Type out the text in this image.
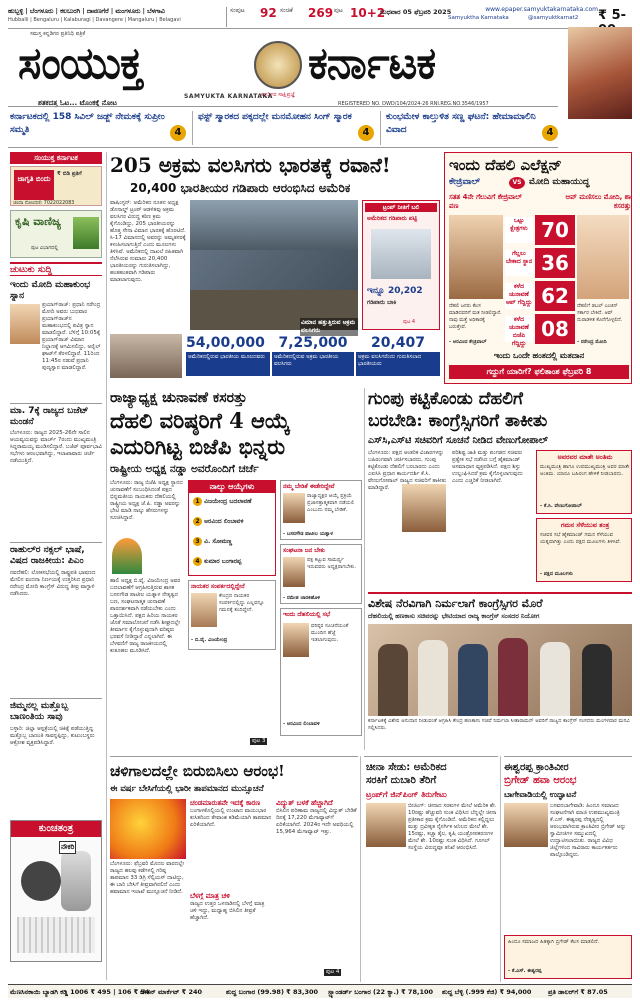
ಹುಬ್ಬಳ್ಳಿ | ಬೆಂಗಳೂರು | ಕಲಬುರಗಿ | ದಾವಣಗೆರೆ | ಮಂಗಳೂರು | ಬೆಳಗಾವಿ
Hubballi | Bengaluru | Kalaburagi | Davangere | Mangaluru | Belagavi
ಸಂಪುಟ 92 ಸಂಚಿಕೆ 269 ಪುಟ 10+2
ಬುಧವಾರ 05 ಫೆಬ್ರವರಿ 2025	www.epaper.samyuktakarnataka.com
Samyuktha Karnataka	@samyuktkarnat2 ₹ 5-
ಸಮಸ್ತ ಕನ್ನಡಿಗರ ಪ್ರತಿನಿಧಿ ಪತ್ರಿಕೆ
ಸಂಯುಕ್ತ
ಕನ್ನಡಿಗರ ಸಾಕ್ಷಿಪ್ರಜ್ಞೆ
ಕರ್ನಾಟಕ
SAMYUKTA KARNATAKA
ಶತಕದತ್ತ ಓಟ... ಟೊಂಕಕ್ಕೆ ನೋಟ	REGISTERED NO. DWD/104/2024-26 RNI.REG.NO.3546/1957
ಕರ್ನಾಟಕದಲ್ಲಿ 158 ಸಿವಿಲ್ ಜಡ್ಜ್ ನೇಮಕಕ್ಕೆ ಸುಪ್ರೀಂ ಸಮ್ಮತಿ	4
ಫಸ್ಟ್ ಸ್ಮಾರಕದ ಪಕ್ಕದಲ್ಲೇ ಮನಮೋಹನ ಸಿಂಗ್ ಸ್ಮಾರಕ
4
ಕುಂಭಮೇಳ ಕಾಲ್ತುಳಿತ ಸಣ್ಣ ಘಟನೆ: ಹೇಮಾಮಾಲಿನಿ ವಿವಾದ	4
ಸಂಯುಕ್ತ ಕರ್ನಾಟಕ
ಜಾಗೃತಿ ಬಿಂದು
₹ ಬಿಡಿ ಪ್ರತಿಗೆ
ಚಂದಾ ನೋಂದಣಿ: 7022022083
ಕೃಷಿ ವಾಣಿಜ್ಯ
ಪುಟ ವಿಭಾಗದಲ್ಲಿ
ಚುಟುಕು ಸುದ್ದಿ
ಇಂದು ಮೋದಿ ಮಹಾಕುಂಭ ಸ್ನಾನ
ಪ್ರಯಾಗ್‌ರಾಜ್: ಪ್ರಧಾನಿ ನರೇಂದ್ರ ಮೋದಿ ಅವರು ಬುಧವಾರ ಪ್ರಯಾಗ್‌ರಾಜ್‌ನ ಮಹಾಕುಂಭದಲ್ಲಿ ಪವಿತ್ರ ಸ್ನಾನ ಮಾಡಲಿದ್ದಾರೆ. ಬೆಳಿಗ್ಗೆ 10:05ಕ್ಕೆ ಪ್ರಯಾಗ್‌ರಾಜ್ ವಿಮಾನ ನಿಲ್ದಾಣಕ್ಕೆ ಆಗಮಿಸಲಿದ್ದು, ಅರೈಲ್ ಘಾಟ್‌ಗೆ ತೆರಳಲಿದ್ದಾರೆ. 11ರಿಂದ 11:45ರ ನಡುವೆ ಪ್ರಧಾನಿ ಪುಣ್ಯಸ್ನಾನ ಮಾಡಲಿದ್ದಾರೆ.
ಮಾ. 7ಕ್ಕೆ ರಾಜ್ಯದ ಬಜೆಟ್ ಮಂಡನೆ
ಬೆಂಗಳೂರು: ರಾಜ್ಯದ 2025-26ನೇ ಸಾಲಿನ ಆಯವ್ಯಯವನ್ನು ಮಾರ್ಚ್ 7ರಂದು ಮುಖ್ಯಮಂತ್ರಿ ಸಿದ್ದರಾಮಯ್ಯ ಮಂಡಿಸಲಿದ್ದಾರೆ. ಬಜೆಟ್ ಪೂರ್ವಭಾವಿ ಸಭೆಗಳು ಆರಂಭವಾಗಿದ್ದು, ಇಲಾಖಾವಾರು ಚರ್ಚೆ ನಡೆಯುತ್ತಿದೆ.
ರಾಹುಲ್‌ರ ನಕ್ಸಲ್ ಭಾಷೆ, ವಿಷದ ರಾಜಕೀಯ: ಪಿಎಂ
ನವದೆಹಲಿ: ಲೋಕಸಭೆಯಲ್ಲಿ ರಾಷ್ಟ್ರಪತಿ ಭಾಷಣದ ಮೇಲಿನ ವಂದನಾ ನಿರ್ಣಯಕ್ಕೆ ಉತ್ತರಿಸಿದ ಪ್ರಧಾನಿ ನರೇಂದ್ರ ಮೋದಿ ಕಾಂಗ್ರೆಸ್ ವಿರುದ್ಧ ತೀವ್ರ ವಾಗ್ದಾಳಿ ನಡೆಸಿದರು.
ಜಿಮ್ಮನಲ್ಲ ಮತ್ತೊಬ್ಬ ಬಾಣಂತಿಯ ಸಾವು
ಬಳ್ಳಾರಿ: ಜಿಲ್ಲಾ ಆಸ್ಪತ್ರೆಯಲ್ಲಿ ಚಿಕಿತ್ಸೆ ಪಡೆಯುತ್ತಿದ್ದ ಮತ್ತೊಬ್ಬ ಬಾಣಂತಿ ಸಾವನ್ನಪ್ಪಿದ್ದು, ಕುಟುಂಬಸ್ಥರು ಆಕ್ರೋಶ ವ್ಯಕ್ತಪಡಿಸಿದ್ದಾರೆ.
ಕುಂಚತಂತ್ರ
ನೌಕರಿ
205 ಅಕ್ರಮ ವಲಸಿಗರು ಭಾರತಕ್ಕೆ ರವಾನೆ!
20,400 ಭಾರತೀಯರ ಗಡಿಪಾರು ಆರಂಭಿಸಿದ ಅಮೆರಿಕ
ವಾಷಿಂಗ್ಟನ್: ಅಮೆರಿಕದ ನೂತನ ಅಧ್ಯಕ್ಷ ಡೊನಾಲ್ಡ್ ಟ್ರಂಪ್ ಆಡಳಿತವು ಅಕ್ರಮ ವಲಸಿಗರ ವಿರುದ್ಧ ಕಠಿಣ ಕ್ರಮ ಕೈಗೊಂಡಿದ್ದು, 205 ಭಾರತೀಯರನ್ನು ಹೊತ್ತ ಸೇನಾ ವಿಮಾನ ಭಾರತಕ್ಕೆ ಹೊರಟಿದೆ. ಸಿ-17 ವಿಮಾನದಲ್ಲಿ ಅವರನ್ನು ಅಮೃತಸರಕ್ಕೆ ಕಳುಹಿಸಲಾಗುತ್ತಿದೆ ಎಂದು ಮೂಲಗಳು ತಿಳಿಸಿವೆ. ಅಮೆರಿಕದಲ್ಲಿ ದಾಖಲೆ ರಹಿತವಾಗಿ ನೆಲೆಸಿರುವ ಸುಮಾರು 20,400 ಭಾರತೀಯರನ್ನು ಗುರುತಿಸಲಾಗಿದ್ದು, ಹಂತಹಂತವಾಗಿ ಗಡಿಪಾರು ಮಾಡಲಾಗುವುದು.
ವಿಮಾನ ಹತ್ತುತ್ತಿರುವ ಅಕ್ರಮ ವಲಸಿಗರು
ಟ್ರಂಪ್ ನೀತಿಗೆ ಬಲಿ
ಅಮೆರಿಕದ ಗಡಿಪಾರು ಪಟ್ಟಿ
ಇನ್ನೂ 20,202
ಗಡಿಪಾರು ಬಾಕಿ
ಪುಟ 4
54,00,000
ಅಮೆರಿಕದಲ್ಲಿರುವ ಭಾರತೀಯ ಮೂಲದವರು
7,25,000
ಅಮೆರಿಕದಲ್ಲಿರುವ ಅಕ್ರಮ ಭಾರತೀಯ ವಲಸಿಗರು
20,407
ಅಕ್ರಮ ವಲಸಿಗರೆಂದು ಗುರುತಿಸಲಾದ ಭಾರತೀಯರು
ಇಂದು ದೆಹಲಿ ಎಲೆಕ್ಷನ್
ಕೇಜ್ರಿವಾಲ್	VS ಮೋದಿ ಮಹಾಯುದ್ಧ
ಸತತ 4ನೇ ಗೆಲುವಿಗೆ ಕೇಜ್ರಿವಾಲ್ ಪಣ
ಆಪ್ ಮಣಿಸಲು ಮೋದಿ, ಶಾ ಕಸರತ್ತು
ಒಟ್ಟು ಕ್ಷೇತ್ರಗಳು 70
ಗೆಲ್ಲಲು ಬೇಕಾದ ಸ್ಥಾನ 36
ಕಳೆದ ಚುನಾವಣೆ ಆಪ್ ಗೆದ್ದಿದ್ದು 62
ಕಳೆದ ಚುನಾವಣೆ ಬಿಜೆಪಿ ಗೆದ್ದಿದ್ದು
08
ದೆಹಲಿ ಜನರು ಕೆಲಸ ಮಾಡಿದವರಿಗೆ ಮತ ನೀಡಲಿದ್ದಾರೆ. ನಾವು ಮತ್ತೆ ಅಧಿಕಾರಕ್ಕೆ ಬರುತ್ತೇವೆ.
- ಅರವಿಂದ ಕೇಜ್ರಿವಾಲ್
ದೆಹಲಿಗೆ ಡಬಲ್ ಎಂಜಿನ್ ಸರ್ಕಾರ ಬೇಕಿದೆ. ಆಪ್ ದುರಾಡಳಿತ ಕೊನೆಗೊಳ್ಳಲಿದೆ.
- ನರೇಂದ್ರ ಮೋದಿ
ಇಂದು ಒಂದೇ ಹಂತದಲ್ಲಿ ಮತದಾನ
ಗದ್ದುಗೆ ಯಾರಿಗೆ? ಫಲಿತಾಂಶ ಫೆಬ್ರವರಿ 8
ರಾಜ್ಯಾಧ್ಯಕ್ಷ ಚುನಾವಣೆ ಕಸರತ್ತು
ದೆಹಲಿ ವರಿಷ್ಠರಿಗೆ 4 ಆಯ್ಕೆ
ಎದುರಿಗಿಟ್ಟ ಬಿಜೆಪಿ ಭಿನ್ನರು
ರಾಷ್ಟ್ರೀಯ ಅಧ್ಯಕ್ಷ ನಡ್ಡಾ ಅವರೊಂದಿಗೆ ಚರ್ಚೆ
ಬೆಂಗಳೂರು: ರಾಜ್ಯ ಬಿಜೆಪಿ ಅಧ್ಯಕ್ಷ ಸ್ಥಾನದ ಚುನಾವಣೆಗೆ ಸಂಬಂಧಿಸಿದಂತೆ ಪಕ್ಷದ ಭಿನ್ನಮತೀಯ ನಾಯಕರು ದೆಹಲಿಯಲ್ಲಿ ರಾಷ್ಟ್ರೀಯ ಅಧ್ಯಕ್ಷ ಜೆ.ಪಿ. ನಡ್ಡಾ ಅವರನ್ನು ಭೇಟಿ ಮಾಡಿ ನಾಲ್ಕು ಹೆಸರುಗಳನ್ನು ಸೂಚಿಸಿದ್ದಾರೆ.
ಹಾಲಿ ಅಧ್ಯಕ್ಷ ಬಿ.ವೈ. ವಿಜಯೇಂದ್ರ ಅವರ ಬದಲಾವಣೆಗೆ ಆಗ್ರಹಿಸುತ್ತಿರುವ ಶಾಸಕ ಬಸನಗೌಡ ಪಾಟೀಲ ಯತ್ನಾಳ ನೇತೃತ್ವದ ಬಣ, ಸಂಘಟನಾತ್ಮಕ ಚುನಾವಣೆ ಪಾರದರ್ಶಕವಾಗಿ ನಡೆಯಬೇಕು ಎಂದು ಒತ್ತಾಯಿಸಿದೆ. ಪಕ್ಷದ ಹಿರಿಯ ನಾಯಕರ ಜೊತೆ ಸಮಾಲೋಚನೆ ನಡೆಸಿ ಶೀಘ್ರದಲ್ಲೇ ತೀರ್ಮಾನ ಕೈಗೊಳ್ಳುವುದಾಗಿ ವರಿಷ್ಠರು ಭರವಸೆ ನೀಡಿದ್ದಾರೆ ಎನ್ನಲಾಗಿದೆ. ಈ ಬೆಳವಣಿಗೆ ರಾಜ್ಯ ರಾಜಕೀಯದಲ್ಲಿ ಕುತೂಹಲ ಮೂಡಿಸಿದೆ.
ನಾಲ್ಕು ಆಯ್ಕೆಗಳು
1 ವಿಜಯೇಂದ್ರ ಬದಲಾವಣೆ
2 ಅರವಿಂದ ಲಿಂಬಾವಳಿ
3 ವಿ. ಸೋಮಣ್ಣ
4 ಕುಮಾರ ಬಂಗಾರಪ್ಪ
ನಾಯಕರ ಸಂಪರ್ಕದಲ್ಲಿದ್ದೇನೆ
ಕೇಂದ್ರದ ನಾಯಕರ ಸಂಪರ್ಕದಲ್ಲಿದ್ದು ಎಲ್ಲವನ್ನೂ ಗಮನಕ್ಕೆ ತಂದಿದ್ದೇನೆ.
- ಬಿ.ವೈ. ವಿಜಯೇಂದ್ರ
ಪುಟ 3
ನಮ್ಮ ಬೇಡಿಕೆ ಈಡೇರಿದ್ದೇವೆ
ರಾಜ್ಯಾಧ್ಯಕ್ಷರ ಆಯ್ಕೆ ಪ್ರಕ್ರಿಯೆ ಪ್ರಜಾಸತ್ತಾತ್ಮಕವಾಗಿ ನಡೆಯಲಿ ಎಂಬುದು ನಮ್ಮ ಬೇಡಿಕೆ.
- ಬಸನಗೌಡ ಪಾಟೀಲ ಯತ್ನಾಳ
ಸಂಘಟನಾ ಜನ ಬೇಕು
ಪಕ್ಷ ಕಟ್ಟುವ ಸಾಮರ್ಥ್ಯ ಇರುವವರು ಅಧ್ಯಕ್ಷರಾಗಬೇಕು.
- ರಮೇಶ ಜಾರಕಿಹೊಳಿ
ಇಂದು ದೆಹಲಿಯಲ್ಲಿ ಸಭೆ
ವರಿಷ್ಠರ ಸೂಚನೆಯಂತೆ ಮುಂದಿನ ಹೆಜ್ಜೆ ಇಡಲಾಗುವುದು.
- ಅರವಿಂದ ಲಿಂಬಾವಳಿ
ಗುಂಪು ಕಟ್ಟಿಕೊಂಡು ದೆಹಲಿಗೆ
ಬರಬೇಡಿ: ಕಾಂಗ್ರೆಸ್ಸಿಗರಿಗೆ ತಾಕೀತು
ಎಸ್‌ಸಿ,ಎಸ್‌ಟಿ ಸಚಿವರಿಗೆ ಸೂಚನೆ ನೀಡಿದ ವೇಣುಗೋಪಾಲ್
ಬೆಂಗಳೂರು: ಪಕ್ಷದ ಆಂತರಿಕ ವಿಚಾರಗಳನ್ನು ಬಹಿರಂಗವಾಗಿ ಚರ್ಚಿಸಬಾರದು, ಗುಂಪು ಕಟ್ಟಿಕೊಂಡು ದೆಹಲಿಗೆ ಬರಬಾರದು ಎಂದು ಎಐಸಿಸಿ ಪ್ರಧಾನ ಕಾರ್ಯದರ್ಶಿ ಕೆ.ಸಿ. ವೇಣುಗೋಪಾಲ್ ರಾಜ್ಯದ ಸಚಿವರಿಗೆ ತಾಕೀತು ಮಾಡಿದ್ದಾರೆ.
ಪರಿಶಿಷ್ಟ ಜಾತಿ ಮತ್ತು ಪಂಗಡದ ಸಚಿವರು ಪ್ರತ್ಯೇಕ ಸಭೆ ನಡೆಸಿದ ಬಗ್ಗೆ ಹೈಕಮಾಂಡ್ ಅಸಮಾಧಾನ ವ್ಯಕ್ತಪಡಿಸಿದೆ. ಪಕ್ಷದ ಶಿಸ್ತು ಉಲ್ಲಂಘಿಸಿದರೆ ಕ್ರಮ ಕೈಗೊಳ್ಳಲಾಗುವುದು ಎಂದು ಎಚ್ಚರಿಕೆ ನೀಡಲಾಗಿದೆ.
ಅವರವರ ಮಾತೇ ಅಂತಿಮ
ಮುಖ್ಯಮಂತ್ರಿ ಹಾಗೂ ಉಪಮುಖ್ಯಮಂತ್ರಿ ಅವರ ಮಾತೇ ಅಂತಿಮ. ಯಾರೂ ಬಹಿರಂಗ ಹೇಳಿಕೆ ನೀಡಬಾರದು.
- ಕೆ.ಸಿ. ವೇಣುಗೋಪಾಲ್
ಗಮನ ಸೆಳೆಯುವ ತಂತ್ರ
ಸಚಿವರ ಸಭೆ ಹೈಕಮಾಂಡ್ ಗಮನ ಸೆಳೆಯುವ ಯತ್ನವಾಗಿತ್ತು ಎಂದು ಪಕ್ಷದ ಮೂಲಗಳು ತಿಳಿಸಿವೆ.
- ಪಕ್ಷದ ಮೂಲಗಳು
ವಿಶೇಷ ನೆರವಿಗಾಗಿ ನಿರ್ಮಲಾಗೆ ಕಾಂಗ್ರೆಸ್ಸಿಗರ ಮೊರೆ
ದೆಹಲಿಯಲ್ಲಿ ಹಣಕಾಸು ಸಚಿವರನ್ನು ಭೇಟಿಯಾದ ರಾಜ್ಯ ಕಾಂಗ್ರೆಸ್ ಸಂಸದರ ನಿಯೋಗ
ಕರ್ನಾಟಕಕ್ಕೆ ವಿಶೇಷ ಅನುದಾನ ನೀಡುವಂತೆ ಆಗ್ರಹಿಸಿ ಕೇಂದ್ರ ಹಣಕಾಸು ಸಚಿವೆ ನಿರ್ಮಲಾ ಸೀತಾರಾಮನ್ ಅವರಿಗೆ ರಾಜ್ಯದ ಕಾಂಗ್ರೆಸ್ ಸಂಸದರು ಮಂಗಳವಾರ ಮನವಿ ಸಲ್ಲಿಸಿದರು.
ಚಳಿಗಾಲದಲ್ಲೇ ಬಿರುಬಿಸಿಲು ಆರಂಭ!
ಈ ವರ್ಷ ಬೇಸಿಗೆಯಲ್ಲಿ ಭಾರೀ ತಾಪಮಾನದ ಮುನ್ಸೂಚನೆ
ಬೆಂಗಳೂರು: ಫೆಬ್ರವರಿ ಮೊದಲ ವಾರದಲ್ಲೇ ರಾಜ್ಯದ ಹಲವು ಕಡೆಗಳಲ್ಲಿ ಗರಿಷ್ಠ ತಾಪಮಾನ 33 ಡಿಗ್ರಿ ಸೆಲ್ಸಿಯಸ್ ದಾಟಿದ್ದು, ಈ ಬಾರಿ ಬೇಸಿಗೆ ತೀವ್ರವಾಗಿರಲಿದೆ ಎಂದು ಹವಾಮಾನ ಇಲಾಖೆ ಮುನ್ಸೂಚನೆ ನೀಡಿದೆ.
ಚಂಡಮಾರುತವೇ ಇದಕ್ಕೆ ಕಾರಣ
ಬಂಗಾಳಕೊಲ್ಲಿಯಲ್ಲಿ ಉಂಟಾದ ವಾಯುಭಾರ ಕುಸಿತದಿಂದ ತೇವಾಂಶ ಕಡಿಮೆಯಾಗಿ ತಾಪಮಾನ ಏರಿಕೆಯಾಗಿದೆ.
ಬೆಳಗ್ಗೆ ಮಾತ್ರ ಚಳಿ
ರಾಜ್ಯದ ಉತ್ತರ ಒಳನಾಡಿನಲ್ಲಿ ಬೆಳಗ್ಗೆ ಮಾತ್ರ ಚಳಿ ಇದ್ದು, ಮಧ್ಯಾಹ್ನ ಬಿಸಿಲಿನ ತೀವ್ರತೆ ಹೆಚ್ಚಾಗಿದೆ.
ವಿದ್ಯುತ್ ಬಳಕೆ ಹೆಚ್ಚಾಗಿದೆ
ಬಿಸಿಲಿನ ಪರಿಣಾಮ ರಾಜ್ಯದಲ್ಲಿ ವಿದ್ಯುತ್ ಬೇಡಿಕೆ ದಿನಕ್ಕೆ 17,220 ಮೆಗಾವ್ಯಾಟ್‌ಗೆ ಏರಿಕೆಯಾಗಿದೆ. 2024ರ ಇದೇ ಅವಧಿಯಲ್ಲಿ 15,964 ಮೆಗಾವ್ಯಾಟ್ ಇತ್ತು.
ಪುಟ 4
ಚೀನಾ ಸೇಡು: ಅಮೆರಿಕದ
ಸರಕಿಗೆ ದುಬಾರಿ ತೆರಿಗೆ
ಟ್ರಂಪ್‌ಗೆ ಜಿನ್‌ಪಿಂಗ್ ತಿರುಗೇಟು
ಬೀಜಿಂಗ್: ಚೀನಾದ ಸರಕುಗಳ ಮೇಲೆ ಅಮೆರಿಕ ಶೇ. 10ರಷ್ಟು ಹೆಚ್ಚುವರಿ ಸುಂಕ ವಿಧಿಸಿದ ಬೆನ್ನಲ್ಲೇ ಚೀನಾ ಪ್ರತೀಕಾರ ಕ್ರಮ ಕೈಗೊಂಡಿದೆ. ಅಮೆರಿಕದ ಕಲ್ಲಿದ್ದಲು ಮತ್ತು ದ್ರವೀಕೃತ ನೈಸರ್ಗಿಕ ಅನಿಲದ ಮೇಲೆ ಶೇ. 15ರಷ್ಟು, ಕಚ್ಚಾ ತೈಲ, ಕೃಷಿ ಯಂತ್ರೋಪಕರಣಗಳ ಮೇಲೆ ಶೇ. 10ರಷ್ಟು ಸುಂಕ ವಿಧಿಸಿದೆ. ಗೂಗಲ್ ಸಂಸ್ಥೆಯ ವಿರುದ್ಧವೂ ತನಿಖೆ ಆರಂಭಿಸಿದೆ.
ಈಶ್ವರಪ್ಪ ಕ್ರಾಂತಿವೀರ
ಬ್ರಿಗೇಡ್ ಹವಾ ಆರಂಭ
ಬಾಗೇವಾಡಿಯಲ್ಲಿ ಉದ್ಘಾಟನೆ
ಬಸವನಬಾಗೇವಾಡಿ: ಹಿಂದೂ ಸಮಾಜದ ಸಂಘಟನೆಗಾಗಿ ಮಾಜಿ ಉಪಮುಖ್ಯಮಂತ್ರಿ ಕೆ.ಎಸ್. ಈಶ್ವರಪ್ಪ ನೇತೃತ್ವದಲ್ಲಿ ಆರಂಭವಾಗಿರುವ ಕ್ರಾಂತಿವೀರ ಬ್ರಿಗೇಡ್ ಅನ್ನು ಸ್ವಾಮೀಜಿಗಳ ಸಮ್ಮುಖದಲ್ಲಿ ಉದ್ಘಾಟಿಸಲಾಯಿತು. ರಾಜ್ಯದ ವಿವಿಧ ಜಿಲ್ಲೆಗಳಿಂದ ಸಾವಿರಾರು ಕಾರ್ಯಕರ್ತರು ಪಾಲ್ಗೊಂಡಿದ್ದರು.
ಹಿಂದೂ ಸಮಾಜದ ಹಿತಕ್ಕಾಗಿ ಬ್ರಿಗೇಡ್ ಕೆಲಸ ಮಾಡಲಿದೆ.
- ಕೆ.ಎಸ್. ಈಶ್ವರಪ್ಪ
ಮೆಣಸಿನಕಾಯಿ ಬ್ಯಾಡಗಿ ಕಡ್ಡಿ 1006 ₹ 495 | 106 ₹ 54
ಚೇತನ್ ಮಾರ್ಕೆಟ್ ₹ 240	ಶುದ್ಧ ಬಂಗಾರ (99.98) ₹ 83,300	ಸ್ಟ್ಯಾಂಡರ್ಡ್ ಬಂಗಾರ (22 ಕ್ಯಾ.) ₹ 78,100	ಶುದ್ಧ ಬೆಳ್ಳಿ (.999 ಕೆಜಿ) ₹ 94,000	ಪ್ರತಿ ಡಾಲರ್‌ಗೆ ₹ 87.05
